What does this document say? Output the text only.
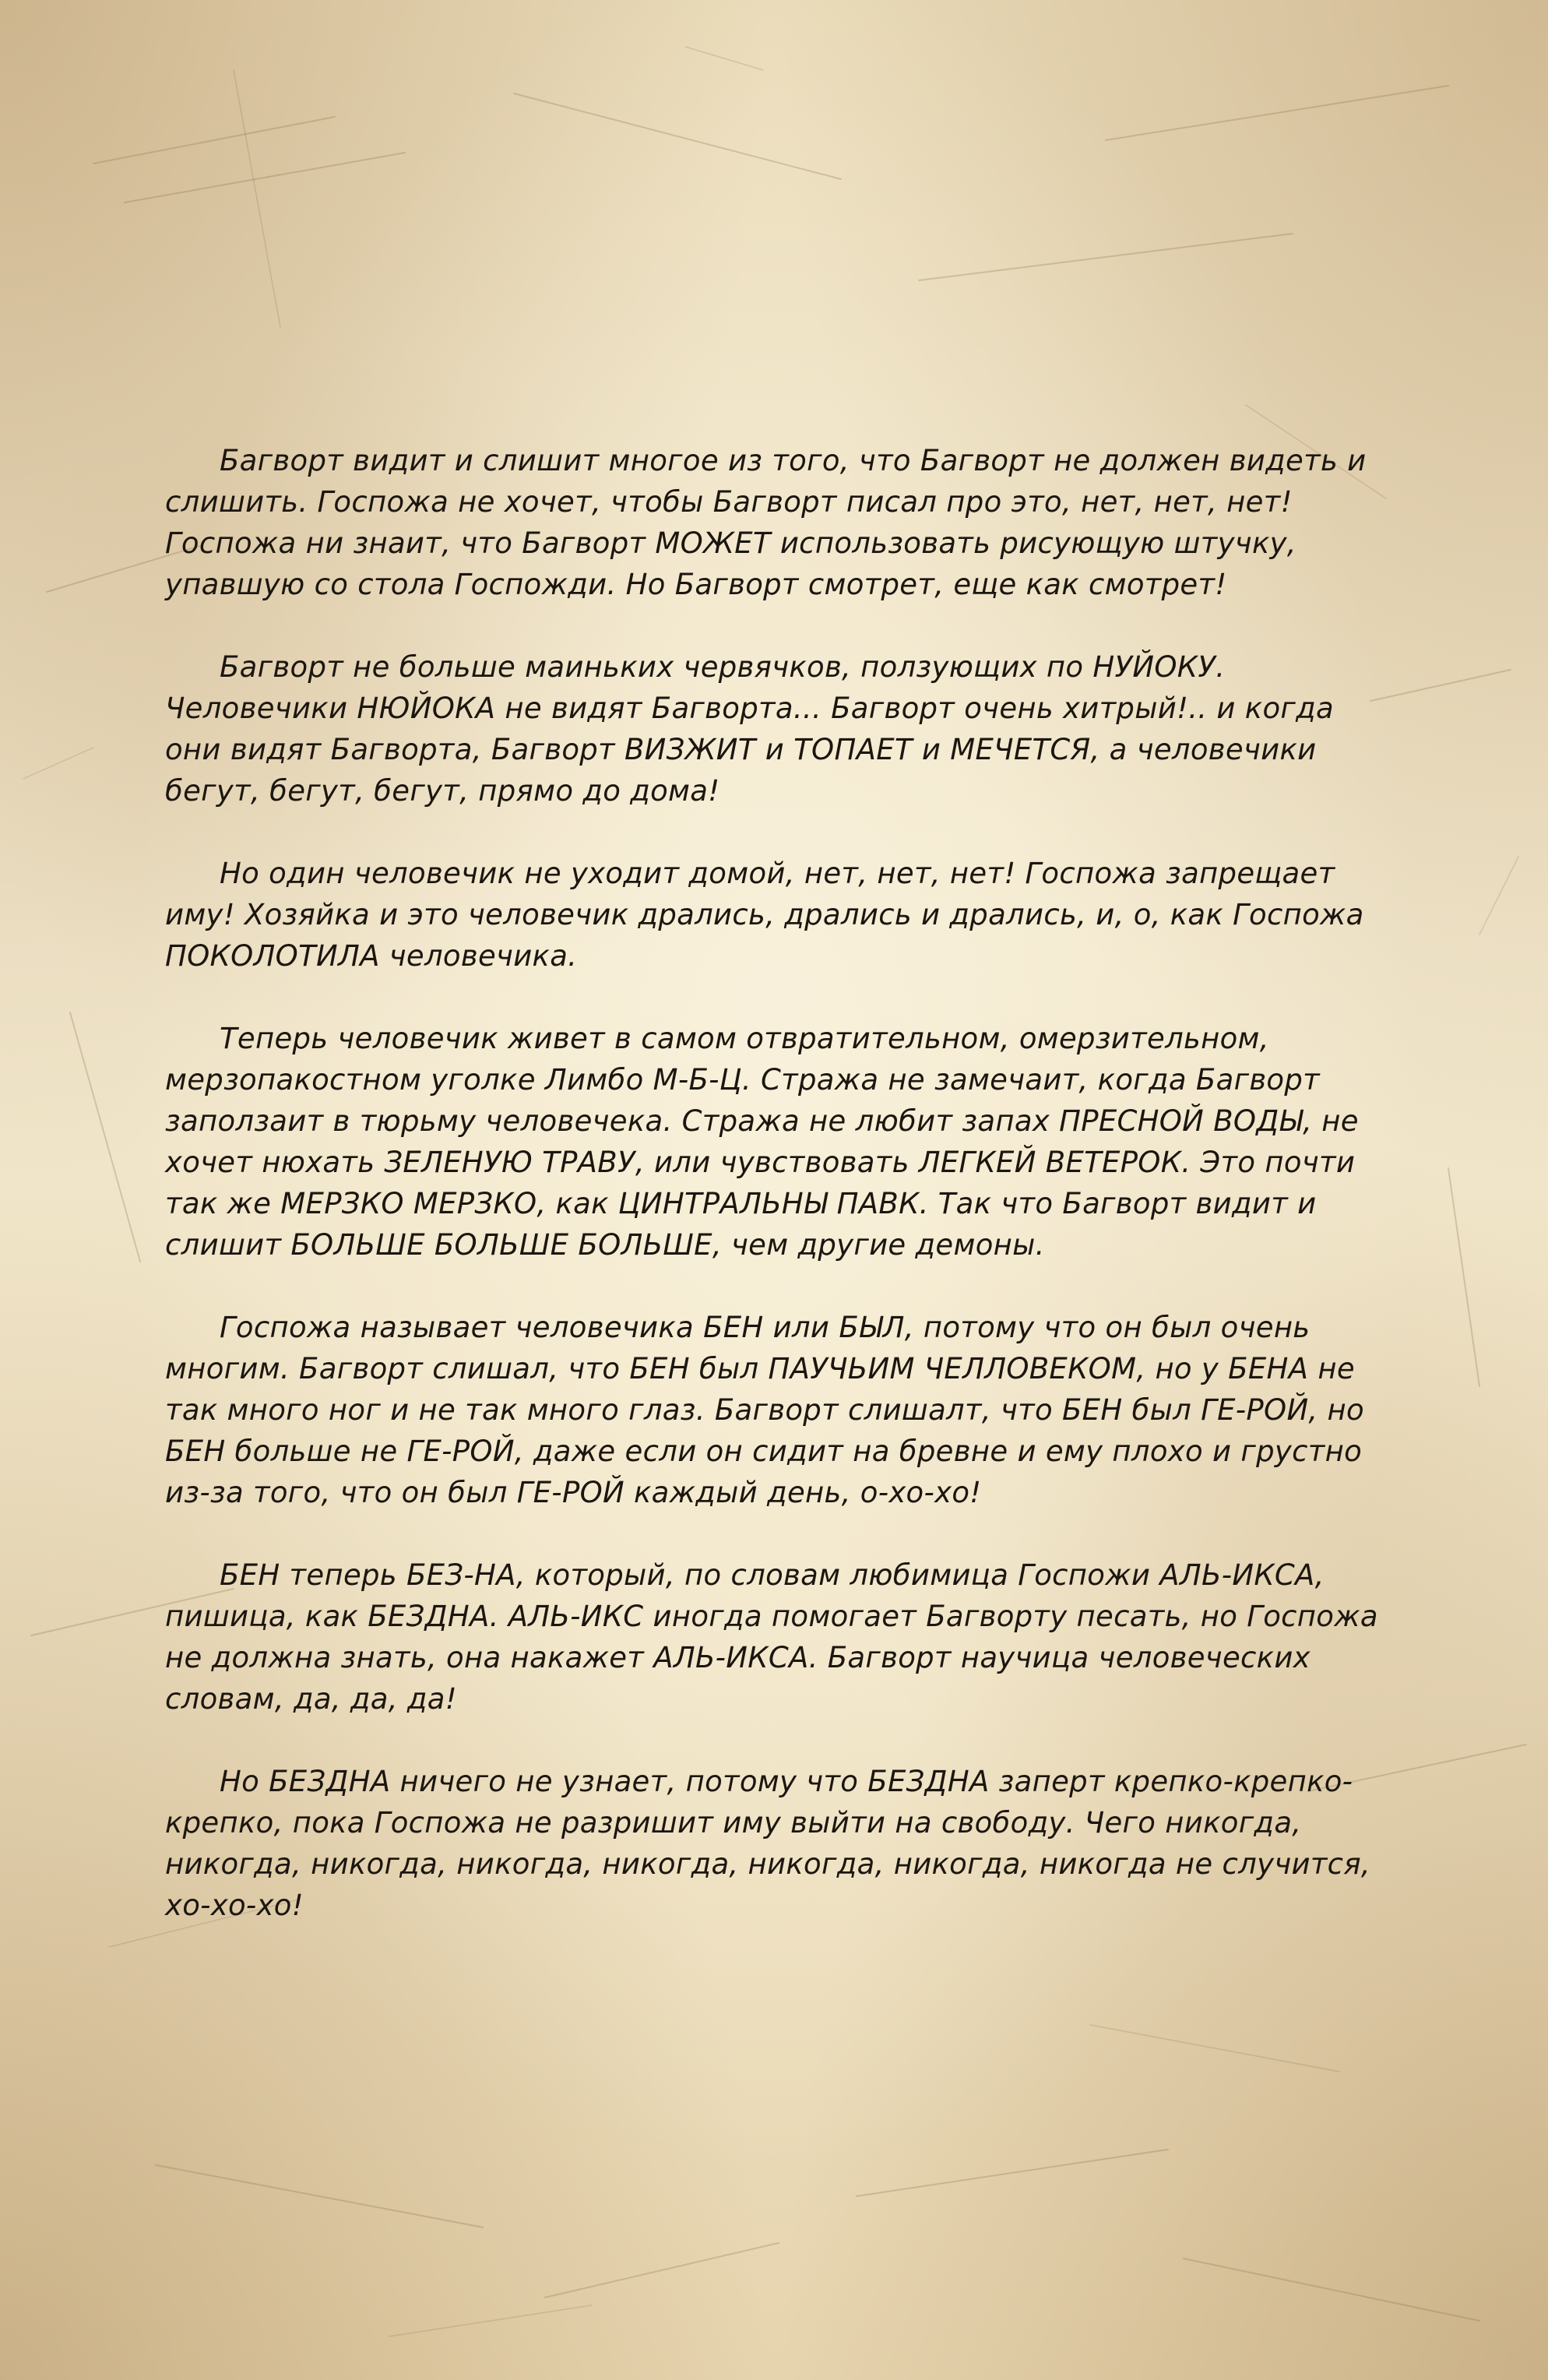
Багворт видит и слишит многое из того, что Багворт не должен видеть и слишить. Госпожа не хочет, чтобы Багворт писал про это, нет, нет, нет! Госпожа ни знаит, что Багворт МОЖЕТ использовать рисующую штучку, упавшую со стола Госпожди. Но Багворт смотрет, еще как смотрет!

Багворт не больше маиньких червячков, ползующих по НУЙОКУ. Человечики НЮЙОКА не видят Багворта... Багворт очень хитрый!.. и когда они видят Багворта, Багворт ВИЗЖИТ и ТОПАЕТ и МЕЧЕТСЯ, а человечики бегут, бегут, бегут, прямо до дома!

Но один человечик не уходит домой, нет, нет, нет! Госпожа запрещает иму! Хозяйка и это человечик дрались, дрались и дрались, и, о, как Госпожа ПОКОЛОТИЛА человечика.

Теперь человечик живет в самом отвратительном, омерзительном, мерзопакостном уголке Лимбо М-Б-Ц. Стража не замечаит, когда Багворт заползаит в тюрьму человечека. Стража не любит запах ПРЕСНОЙ ВОДЫ, не хочет нюхать ЗЕЛЕНУЮ ТРАВУ, или чувствовать ЛЕГКЕЙ ВЕТЕРОК. Это почти так же МЕРЗКО МЕРЗКО, как ЦИНТРАЛЬНЫ ПАВК. Так что Багворт видит и слишит БОЛЬШЕ БОЛЬШЕ БОЛЬШЕ, чем другие демоны.

Госпожа называет человечика БЕН или БЫЛ, потому что он был очень многим. Багворт слишал, что БЕН был ПАУЧЬИМ ЧЕЛЛОВЕКОМ, но у БЕНА не так много ног и не так много глаз. Багворт слишалт, что БЕН был ГЕ-РОЙ, но БЕН больше не ГЕ-РОЙ, даже если он сидит на бревне и ему плохо и грустно из-за того, что он был ГЕ-РОЙ каждый день, о-хо-хо!

БЕН теперь БЕЗ-НА, который, по словам любимица Госпожи АЛЬ-ИКСА, пишица, как БЕЗДНА. АЛЬ-ИКС иногда помогает Багворту песать, но Госпожа не должна знать, она накажет АЛЬ-ИКСА. Багворт научица человеческих словам, да, да, да!

Но БЕЗДНА ничего не узнает, потому что БЕЗДНА заперт крепко-крепко-крепко, пока Госпожа не разришит иму выйти на свободу. Чего никогда, никогда, никогда, никогда, никогда, никогда, никогда, никогда не случится, хо-хо-хо!
